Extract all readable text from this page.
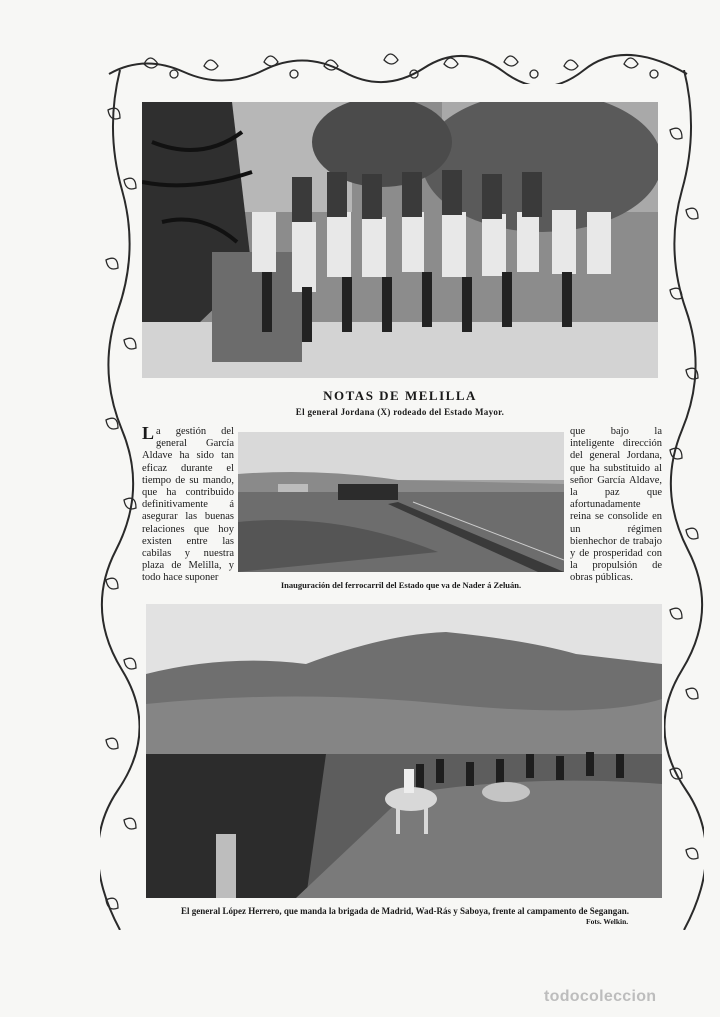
NOTAS DE MELILLA
El general Jordana (X) rodeado del Estado Mayor.
La gestión del general García Aldave ha sido tan eficaz durante el tiempo de su mando, que ha contribuido definitivamente á asegurar las buenas relaciones que hoy existen entre las cabilas y nuestra plaza de Melilla, y todo hace suponer
que bajo la inteligente dirección del general Jordana, que ha substituido al señor García Aldave, la paz que afortunadamente reina se consolide en un régimen bienhechor de trabajo y de prosperidad con la propulsión de obras públicas.
Inauguración del ferrocarril del Estado que va de Nader á Zeluán.
El general López Herrero, que manda la brigada de Madrid, Wad-Rás y Saboya, frente al campamento de Segangan.
Fots. Welkin.
todocoleccion
